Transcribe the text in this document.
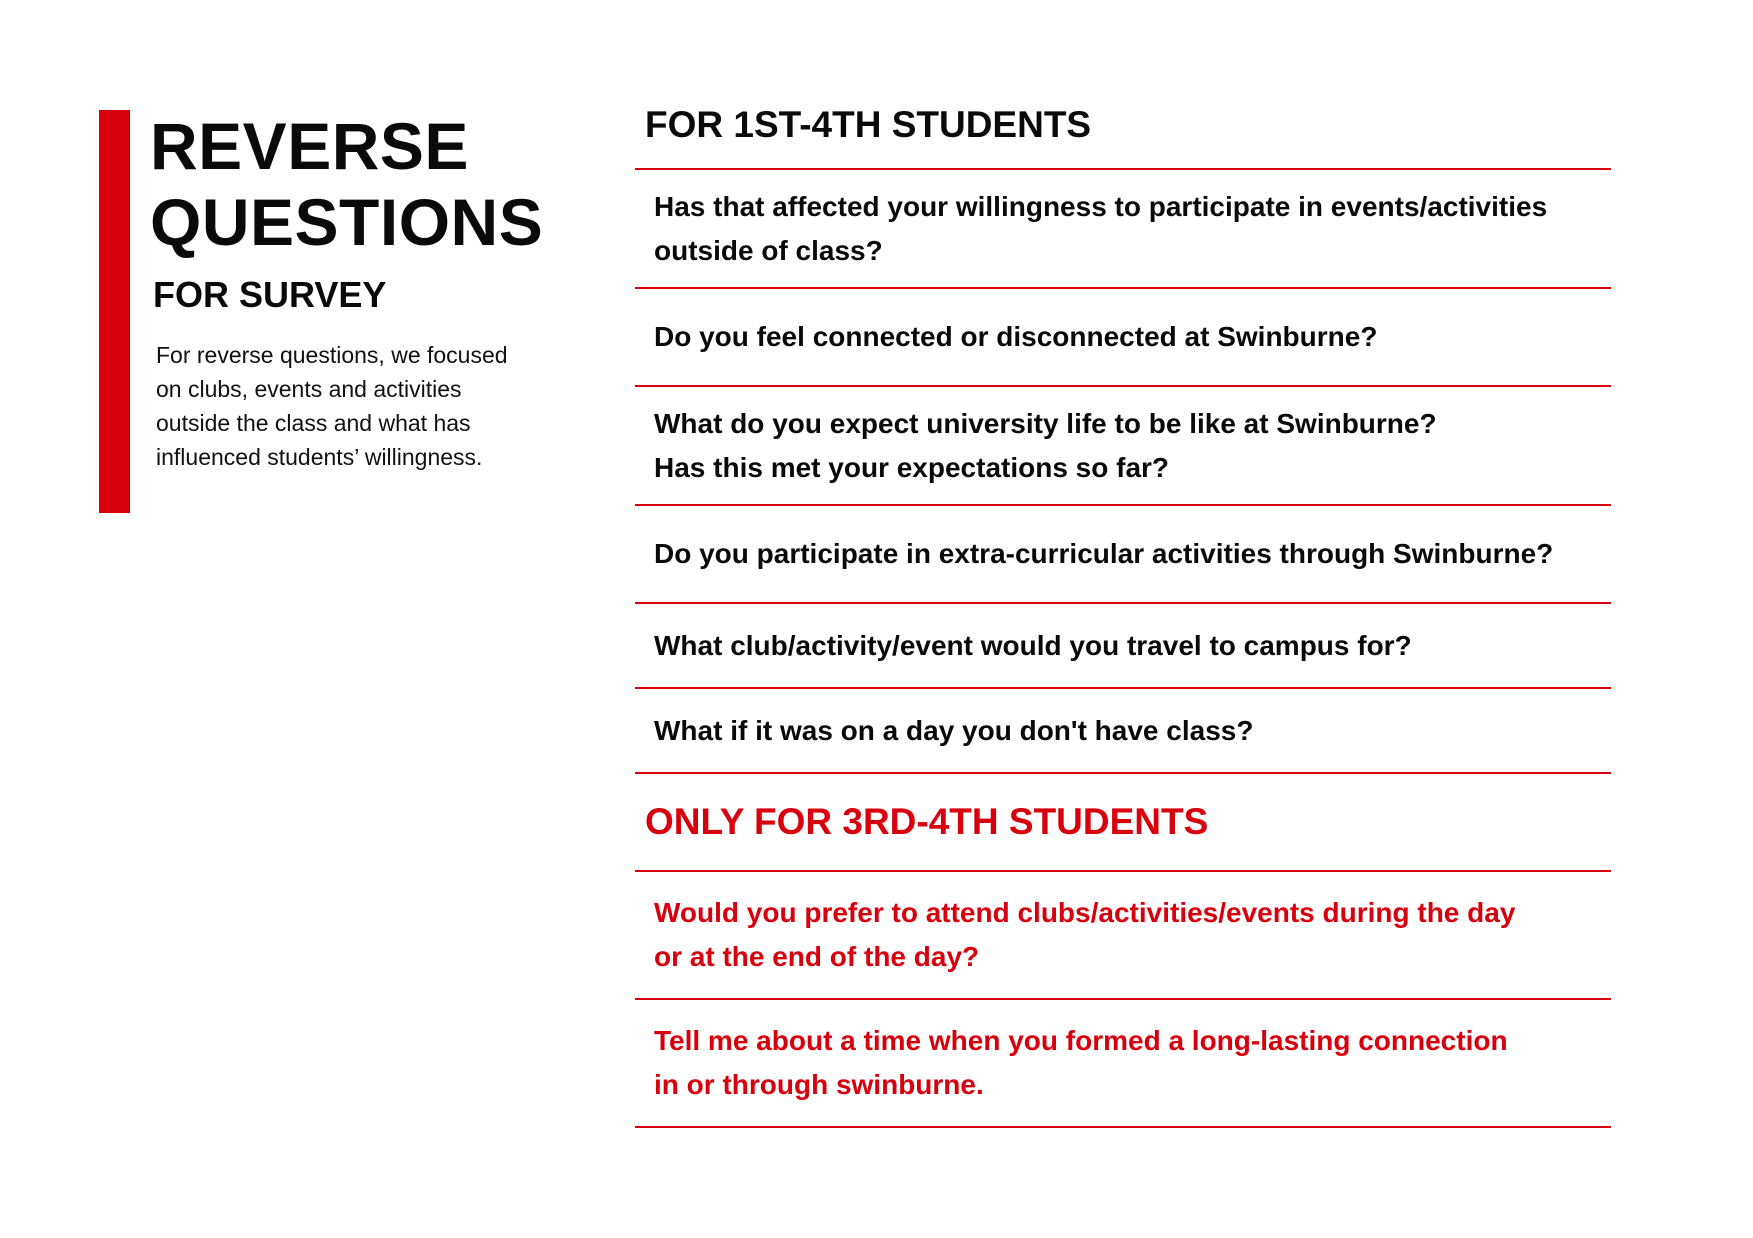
REVERSE
QUESTIONS
FOR SURVEY

For reverse questions, we focused on clubs, events and activities outside the class and what has influenced students’ willingness.

FOR 1ST-4TH STUDENTS
Has that affected your willingness to participate in events/activities
outside of class?
Do you feel connected or disconnected at Swinburne?
What do you expect university life to be like at Swinburne?
Has this met your expectations so far?
Do you participate in extra-curricular activities through Swinburne?
What club/activity/event would you travel to campus for?
What if it was on a day you don't have class?
ONLY FOR 3RD-4TH STUDENTS
Would you prefer to attend clubs/activities/events during the day
or at the end of the day?
Tell me about a time when you formed a long-lasting connection
in or through swinburne.
